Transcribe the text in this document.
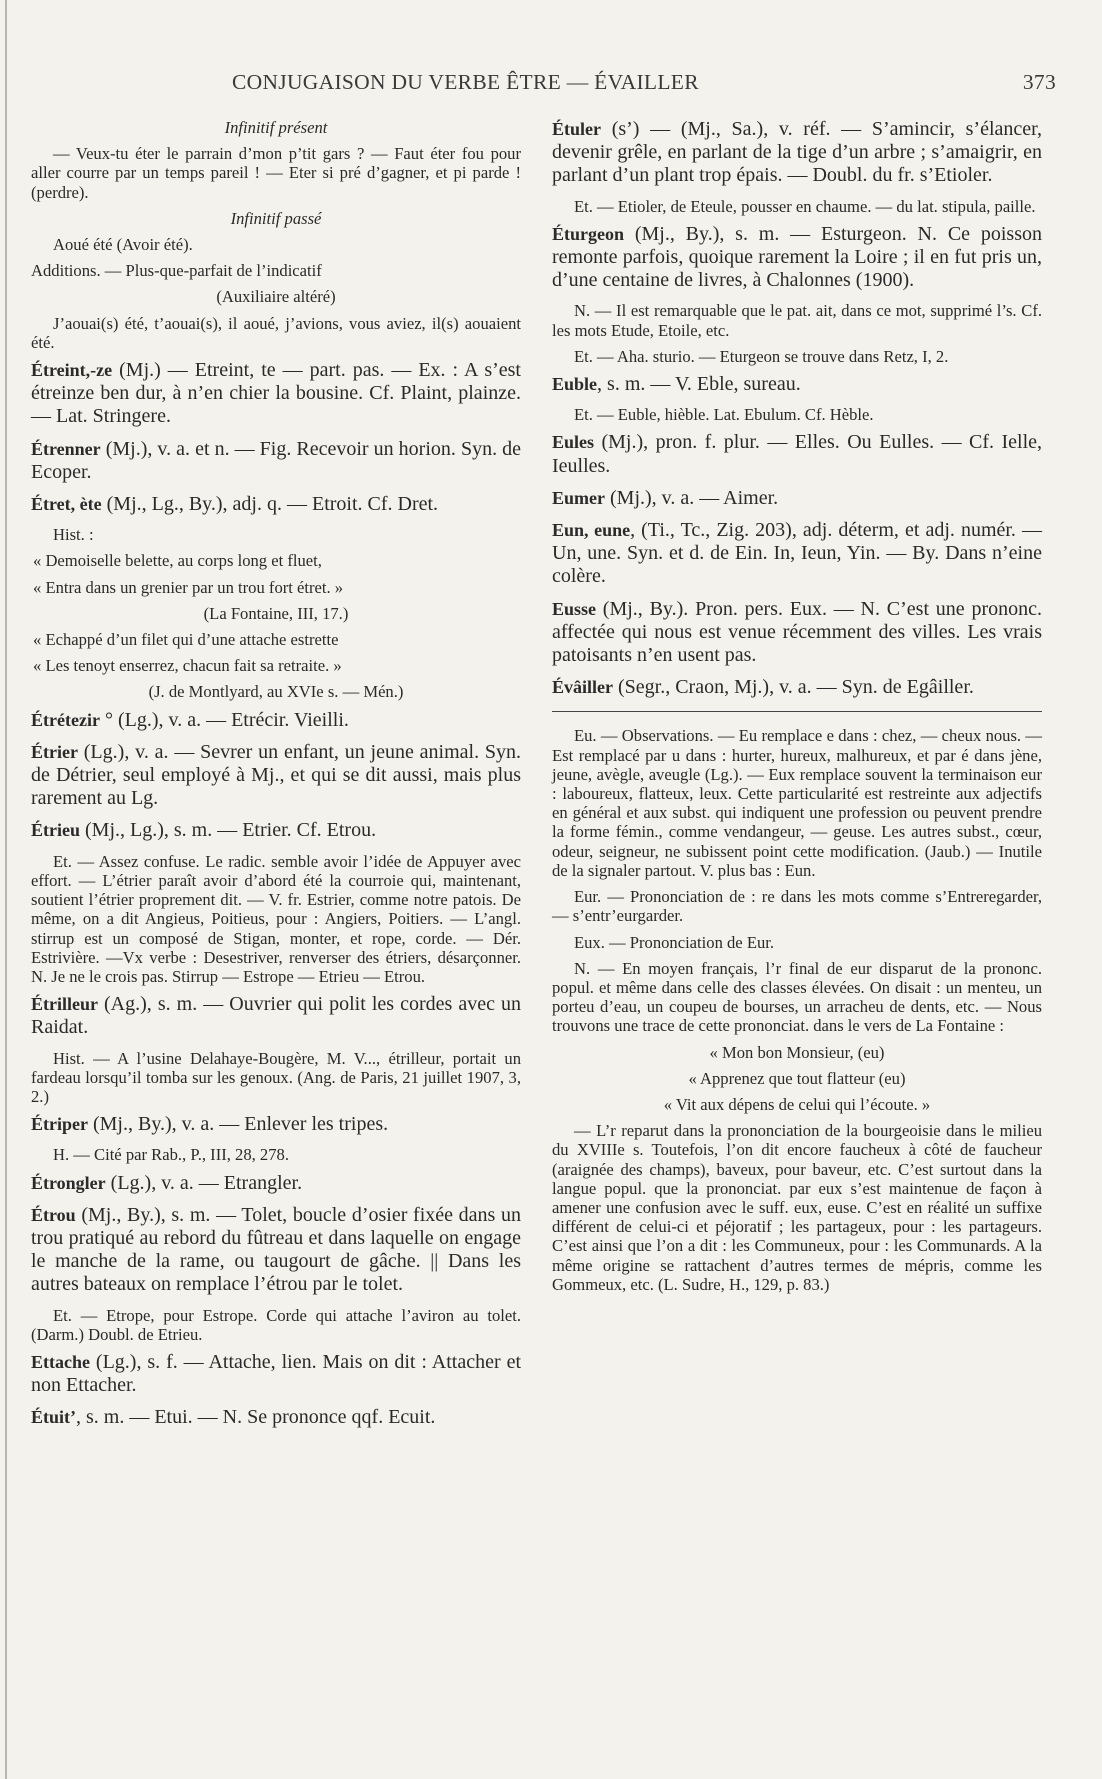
CONJUGAISON DU VERBE ÊTRE — ÉVAILLER	373

Infinitif présent

— Veux-tu éter le parrain d’mon p’tit gars ? — Faut éter fou pour aller courre par un temps pareil ! — Eter si pré d’gagner, et pi parde ! (perdre).

Infinitif passé

Aoué été (Avoir été).

Additions. — Plus-que-parfait de l’indicatif

(Auxiliaire altéré)

J’aouai(s) été, t’aouai(s), il aoué, j’avions, vous aviez, il(s) aouaient été.

Étreint,-ze (Mj.) — Etreint, te — part. pas. — Ex. : A s’est étreinze ben dur, à n’en chier la bousine. Cf. Plaint, plainze. — Lat. Stringere.

Étrenner (Mj.), v. a. et n. — Fig. Recevoir un horion. Syn. de Ecoper.

Étret, ète (Mj., Lg., By.), adj. q. — Etroit. Cf. Dret.

Hist. :

« Demoiselle belette, au corps long et fluet,

« Entra dans un grenier par un trou fort étret. »

(La Fontaine, III, 17.)

« Echappé d’un filet qui d’une attache estrette

« Les tenoyt enserrez, chacun fait sa retraite. »

(J. de Montlyard, au XVIe s. — Mén.)

Étrétezir ° (Lg.), v. a. — Etrécir. Vieilli.

Étrier (Lg.), v. a. — Sevrer un enfant, un jeune animal. Syn. de Détrier, seul employé à Mj., et qui se dit aussi, mais plus rarement au Lg.

Étrieu (Mj., Lg.), s. m. — Etrier. Cf. Etrou.

Et. — Assez confuse. Le radic. semble avoir l’idée de Appuyer avec effort. — L’étrier paraît avoir d’abord été la courroie qui, maintenant, soutient l’étrier proprement dit. — V. fr. Estrier, comme notre patois. De même, on a dit Angieus, Poitieus, pour : Angiers, Poitiers. — L’angl. stirrup est un composé de Stigan, monter, et rope, corde. — Dér. Estrivière. —Vx verbe : Desestriver, renverser des étriers, désarçonner. N. Je ne le crois pas. Stirrup — Estrope — Etrieu — Etrou.

Étrilleur (Ag.), s. m. — Ouvrier qui polit les cordes avec un Raidat.

Hist. — A l’usine Delahaye-Bougère, M. V..., étrilleur, portait un fardeau lorsqu’il tomba sur les genoux. (Ang. de Paris, 21 juillet 1907, 3, 2.)

Étriper (Mj., By.), v. a. — Enlever les tripes.

H. — Cité par Rab., P., III, 28, 278.

Étrongler (Lg.), v. a. — Etrangler.

Étrou (Mj., By.), s. m. — Tolet, boucle d’osier fixée dans un trou pratiqué au rebord du fûtreau et dans laquelle on engage le manche de la rame, ou taugourt de gâche. || Dans les autres bateaux on remplace l’étrou par le tolet.

Et. — Etrope, pour Estrope. Corde qui attache l’aviron au tolet. (Darm.) Doubl. de Etrieu.

Ettache (Lg.), s. f. — Attache, lien. Mais on dit : Attacher et non Ettacher.

Étuit’, s. m. — Etui. — N. Se prononce qqf. Ecuit.

Étuler (s’) — (Mj., Sa.), v. réf. — S’amincir, s’élancer, devenir grêle, en parlant de la tige d’un arbre ; s’amaigrir, en parlant d’un plant trop épais. — Doubl. du fr. s’Etioler.

Et. — Etioler, de Eteule, pousser en chaume. — du lat. stipula, paille.

Éturgeon (Mj., By.), s. m. — Esturgeon. N. Ce poisson remonte parfois, quoique rarement la Loire ; il en fut pris un, d’une centaine de livres, à Chalonnes (1900).

N. — Il est remarquable que le pat. ait, dans ce mot, supprimé l’s. Cf. les mots Etude, Etoile, etc.

Et. — Aha. sturio. — Eturgeon se trouve dans Retz, I, 2.

Euble, s. m. — V. Eble, sureau.

Et. — Euble, hièble. Lat. Ebulum. Cf. Hèble.

Eules (Mj.), pron. f. plur. — Elles. Ou Eulles. — Cf. Ielle, Ieulles.

Eumer (Mj.), v. a. — Aimer.

Eun, eune, (Ti., Tc., Zig. 203), adj. déterm, et adj. numér. — Un, une. Syn. et d. de Ein. In, Ieun, Yin. — By. Dans n’eine colère.

Eusse (Mj., By.). Pron. pers. Eux. — N. C’est une prononc. affectée qui nous est venue récemment des villes. Les vrais patoisants n’en usent pas.

Évâiller (Segr., Craon, Mj.), v. a. — Syn. de Egâiller.

Eu. — Observations. — Eu remplace e dans : chez, — cheux nous. — Est remplacé par u dans : hurter, hureux, malhureux, et par é dans jène, jeune, avègle, aveugle (Lg.). — Eux remplace souvent la terminaison eur : laboureux, flatteux, leux. Cette particularité est restreinte aux adjectifs en général et aux subst. qui indiquent une profession ou peuvent prendre la forme fémin., comme vendangeur, — geuse. Les autres subst., cœur, odeur, seigneur, ne subissent point cette modification. (Jaub.) — Inutile de la signaler partout. V. plus bas : Eun.

Eur. — Prononciation de : re dans les mots comme s’Entreregarder, — s’entr’eurgarder.

Eux. — Prononciation de Eur.

N. — En moyen français, l’r final de eur disparut de la prononc. popul. et même dans celle des classes élevées. On disait : un menteu, un porteu d’eau, un coupeu de bourses, un arracheu de dents, etc. — Nous trouvons une trace de cette prononciat. dans le vers de La Fontaine :

« Mon bon Monsieur, (eu)

« Apprenez que tout flatteur (eu)

« Vit aux dépens de celui qui l’écoute. »

— L’r reparut dans la prononciation de la bourgeoisie dans le milieu du XVIIIe s. Toutefois, l’on dit encore faucheux à côté de faucheur (araignée des champs), baveux, pour baveur, etc. C’est surtout dans la langue popul. que la prononciat. par eux s’est maintenue de façon à amener une confusion avec le suff. eux, euse. C’est en réalité un suffixe différent de celui-ci et péjoratif ; les partageux, pour : les partageurs. C’est ainsi que l’on a dit : les Communeux, pour : les Communards. A la même origine se rattachent d’autres termes de mépris, comme les Gommeux, etc. (L. Sudre, H., 129, p. 83.)
